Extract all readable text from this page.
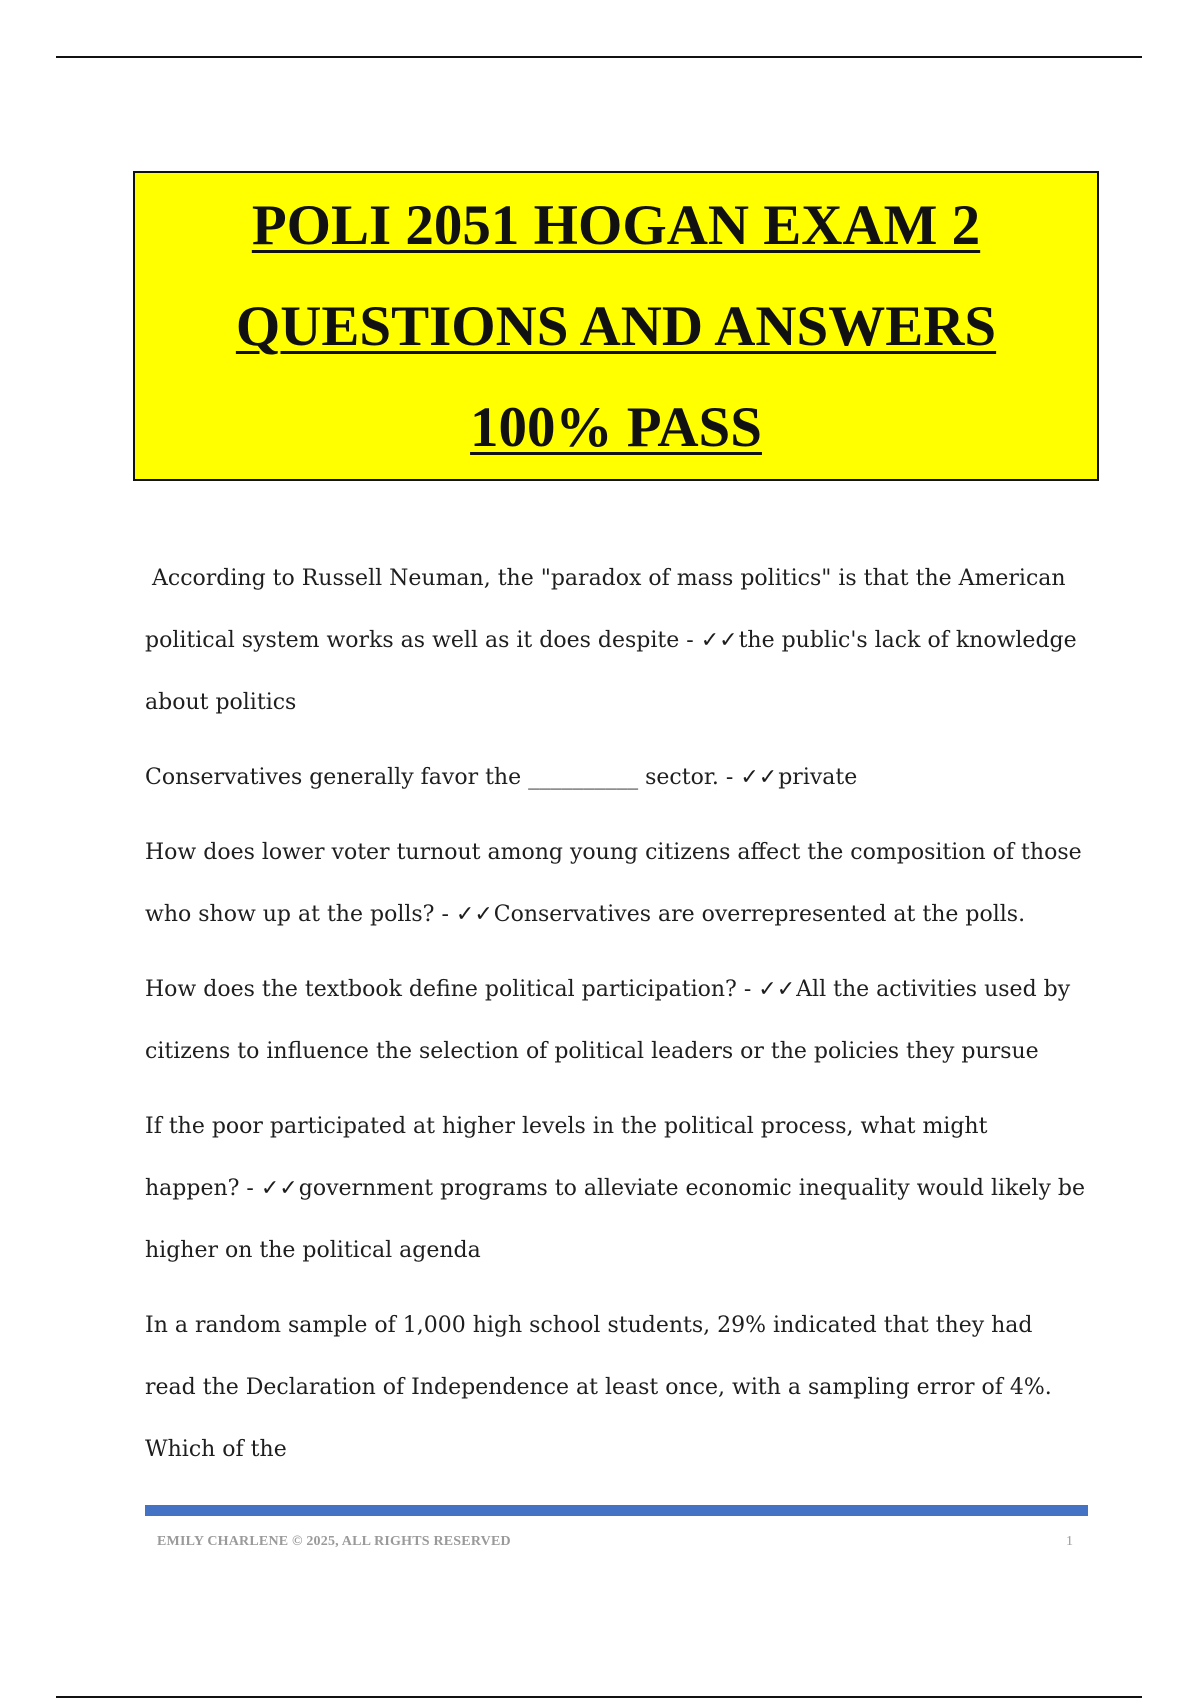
POLI 2051 HOGAN EXAM 2
QUESTIONS AND ANSWERS
100% PASS

According to Russell Neuman, the "paradox of mass politics" is that the American political system works as well as it does despite - ✓✓the public's lack of knowledge about politics

Conservatives generally favor the __________ sector. - ✓✓private

How does lower voter turnout among young citizens affect the composition of those who show up at the polls? - ✓✓Conservatives are overrepresented at the polls.

How does the textbook define political participation? - ✓✓All the activities used by citizens to influence the selection of political leaders or the policies they pursue

If the poor participated at higher levels in the political process, what might happen? - ✓✓government programs to alleviate economic inequality would likely be higher on the political agenda

In a random sample of 1,000 high school students, 29% indicated that they had read the Declaration of Independence at least once, with a sampling error of 4%. Which of the

EMILY CHARLENE © 2025, ALL RIGHTS RESERVED	1
